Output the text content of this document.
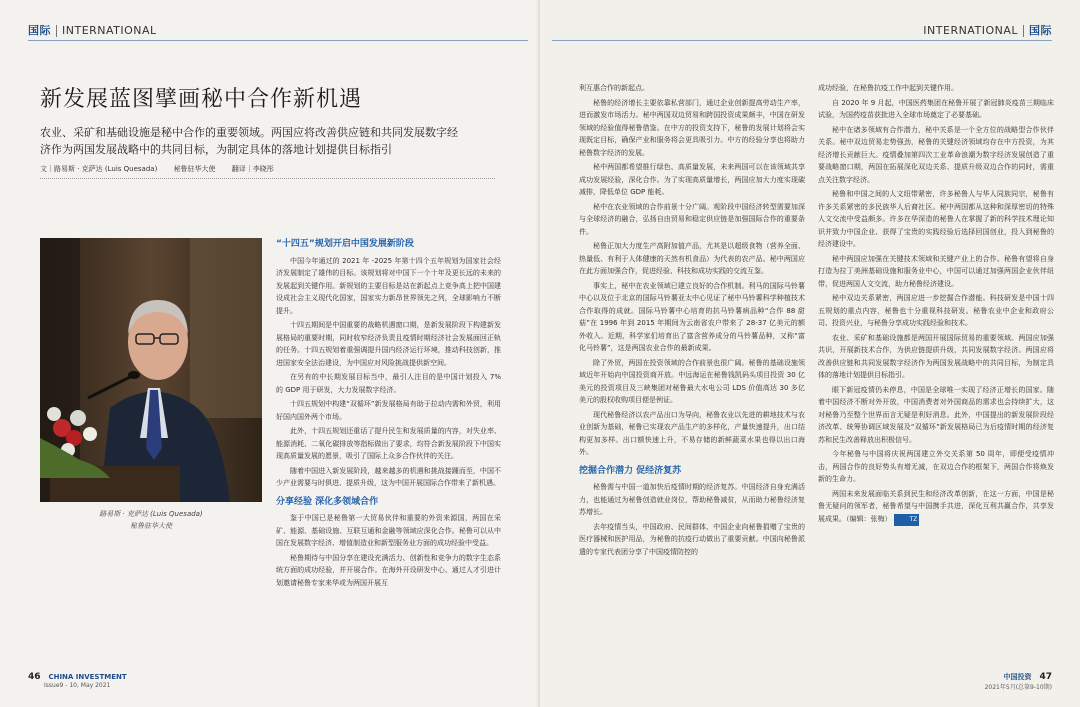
国际 INTERNATIONAL
新发展蓝图擘画秘中合作新机遇
农业、采矿和基础设施是秘中合作的重要领域。两国应将改善供应链和共同发展数字经济作为两国发展战略中的共同目标，为制定具体的落地计划提供目标指引
文｜路易斯 · 克萨达 (Luis Quesada) 秘鲁驻华大使 翻译｜李晓彤
路易斯 · 克萨达 (Luis Quesada)
秘鲁驻华大使
“十四五”规划开启中国发展新阶段

中国今年通过的 2021 年 -2025 年第十四个五年规划为国家社会经济发展制定了雄伟的目标。该规划将对中国下一个十年及更长远的未来的发展起到关键作用。新规划的主要目标是站在新起点上竞争高上把中国建设成社会主义现代化国家，国家实力新昂世界领先之列，全球影响力不断提升。

十四五期间是中国重要的战略机遇窗口期，是新发展阶段下构建新发展格局的重要时期，同时收窄经济负责且疫情时期经济社会发展面回正轨的任务。十四五规划着重强调提升国内经济运行环境，推动科技创新，推进国家安全法治建设，为中国应对风险挑战提供新空间。

在另有的中长期发展目标当中，最引人注目的是中国计划投入 7% 的 GDP 用于研发，大力发展数字经济。

十四五规划中构建“双循环”新发展格局有助于拉动内需和外贸，利用好国内国外两个市场。

此外，十四五规划还重话了提升民生和发展质量的内容，对失业率、能源消耗、二氧化碳排放等指标做出了要求，均符合新发展阶段下中国实现高质量发展的愿景，吸引了国际上众多合作伙伴的关注。

随着中国进入新发展阶段，越来越多的机遇和挑战接踵而至，中国不少产业需要与时俱进、提质升级，这为中国开展国际合作带来了新机遇。

分享经验 深化多领域合作

鉴于中国已是秘鲁第一大贸易伙伴和重要的外资来源国，两国在采矿、能源、基础设施、互联互通和金融等领域应深化合作。秘鲁可以从中国在发展数字经济、增值制造业和新型服务业方面的成功经验中受益。

秘鲁期待与中国分享在建设充满活力、创新性和竞争力的数字生态系统方面的成功经验，并开展合作。在海外开设研发中心、通过人才引进计划邀请秘鲁专家来华或为两国开展互

46 CHINA INVESTMENT
Issue9 - 10, May 2021
INTERNATIONAL 国际

利互惠合作的新起点。

秘鲁的经济增长主要依靠私营部门，通过企业创新提高劳动生产率，进而激发市场活力。秘中两国双边贸易和跨国投资成果颇丰，中国在研发领域的经验值得秘鲁借鉴。在中方的投资支持下，秘鲁的发展计划将会实现既定目标，确保产业和服务将会更具吸引力。中方的经验分享也将助力秘鲁数字经济的发展。

秘中两国都希望推行绿色、高质量发展，未来两国可以在该领域共享成功发展经验，深化合作。为了实现高质量增长，两国应加大力度实现碳减排，降低单位 GDP 能耗。

秘中在农业领域的合作前景十分广阔。观阶段中国经济转型需要加深与全球经济的融合，弘扬自由贸易和稳定供应链是加强国际合作的重要条件。

秘鲁正加大力度生产高附加值产品，尤其是以超级食物（营养全面、热量低、有利于人体健康的天然有机食品）为代表的农产品。秘中两国应在此方面加强合作，促进经验、科技和成功实践的交流互鉴。

事实上，秘中在农业领域已建立良好的合作机制。利马的国际马铃薯中心以及位于北京的国际马铃薯亚太中心见证了秘中马铃薯科学种植技术合作取得的成就。国际马铃薯中心培育的抗马铃薯病品种“合作 88 甜菇”在 1996 年到 2015 年期间为云南省农户带来了 28-37 亿美元的额外收入。近期，科学家们培育出了富含营养成分的马铃薯品种，又称“富化马铃薯”，这是两国农业合作的最新成果。

除了外贸，两国在投资领域的合作前景也很广阔。秘鲁的基础设施领域近年开始向中国投资商开放。中远海运在秘鲁钱凯码头项目投资 30 亿美元的投资项目及三峡集团对秘鲁最大水电公司 LDS 价值高达 30 多亿美元的股权收购项目便是例证。

现代秘鲁经济以农产品出口为导向，秘鲁农业以先进的耕地技术与农业创新为基础，秘鲁已实现农产品生产的多样化，产量快速提升，出口结构更加多样。出口额快速上升，不易存储的新鲜蔬菜水果也得以出口海外。

挖掘合作潜力 促经济复苏

秘鲁需与中国一道加快后疫情时期的经济复苏。中国经济自身充满活力，也能通过为秘鲁创造就业岗位，帮助秘鲁减贫，从而助力秘鲁经济复苏增长。

去年疫情当头，中国政府、民间群体、中国企业向秘鲁捐赠了宝贵的医疗器械和医护用品，为秘鲁的抗疫行动做出了重要贡献。中国向秘鲁派遣的专家代表团分享了中国疫情防控的

成功经验，在秘鲁抗疫工作中起到关键作用。

自 2020 年 9 月起，中国医药集团在秘鲁开展了新冠肺炎疫苗三期临床试验，为国药疫苗获批进入全球市场奠定了必要基础。

秘中在诸多领域有合作潜力，秘中关系是一个全方位的战略型合作伙伴关系。秘中双边贸易走势强劲，秘鲁的关键经济领域均存在中方投资，为其经济增长贡献巨大。疫情叠加第四次工业革命浪潮为数字经济发展创造了重要战略窗口期，两国在拓展深化双边关系、提质升级双边合作的同时，需重点关注数字经济。

秘鲁和中国之间的人文纽带紧密，许多秘鲁人与华人同族同宗，秘鲁有许多关系紧密的多民族华人后裔社区。秘中两国都从这种和深厚密切的特殊人文交流中受益颇多。许多在华深造的秘鲁人在掌握了新的科学技术理论知识并致力中国企业、获得了宝贵的实践经验后选择回国创业，投入到秘鲁的经济建设中。

秘中两国应加强在关键技术领域和关键产业上的合作。秘鲁有望将自身打造为拉丁美洲基础设施和服务业中心，中国可以通过加强两国企业伙伴纽带，促进两国人文交流，助力秘鲁经济建设。

秘中双边关系紧密，两国应进一步挖掘合作潜能。科技研发是中国十四五规划的重点内容，秘鲁也十分重视科技研发。秘鲁农业中企业和政府公司、投资兴业，与秘鲁分享成功实践经验和技术。

农业、采矿和基础设施都是两国开展国际贸易的重要领域。两国应加强共识，开展新技术合作，为供应链提质升级，共同发展数字经济。两国应将改善供应链和共同发展数字经济作为两国发展战略中的共同目标，为制定具体的落地计划提供目标指引。

眼下新冠疫情仍未停息，中国是全球唯一实现了经济正增长的国家。随着中国经济不断对外开放，中国消费者对外国商品的需求也会持续扩大，这对秘鲁乃至整个世界而言无疑是利好消息。此外，中国提出的新发展阶段经济改革、统筹协调区域发展及“双循环”新发展格局已为后疫情时期的经济复苏和民生改善释放出积极信号。

今年秘鲁与中国将庆祝两国建立外交关系第 50 周年，即便受疫情冲击，两国合作的良好势头有增无减，在双边合作的框架下，两国合作将焕发新的生命力。

两国未来发展面临关系到民生和经济改革创新，在这一方面，中国是秘鲁无疑问的领军者，秘鲁希望与中国携手共进，深化互利共赢合作，共享发展成果。（编辑：张梅）	TZ

中国投资 47
2021年5月(总第9-10期)
